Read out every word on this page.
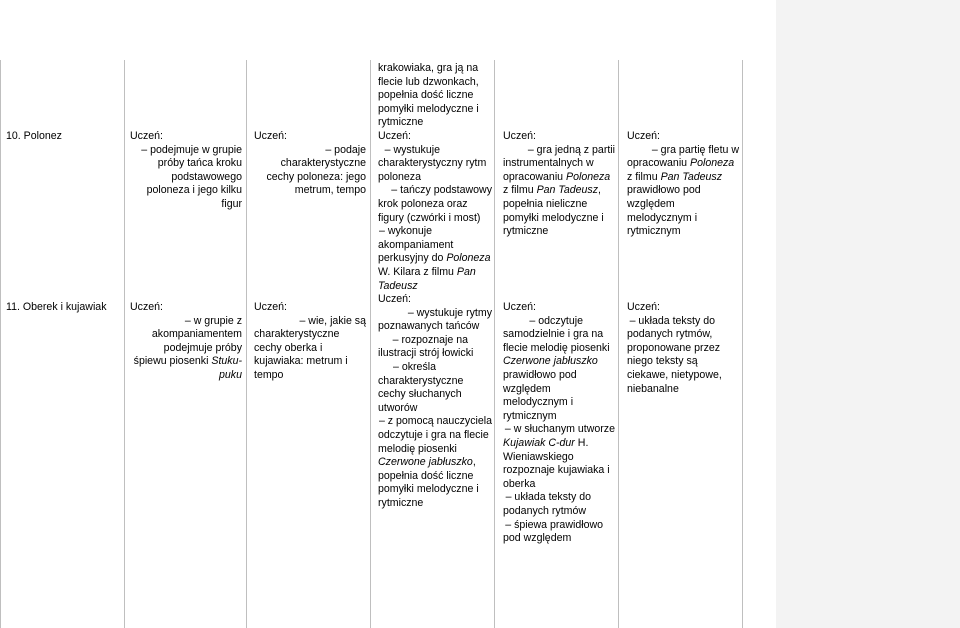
10. Polonez	Uczeń:

– podejmuje w grupie

próby tańca kroku

podstawowego

poloneza i jego kilku

figur

Uczeń:

– podaje

charakterystyczne

cechy poloneza: jego

metrum, tempo

Uczeń:

– gra jedną z partii

instrumentalnych w

opracowaniu Poloneza

z filmu Pan Tadeusz,

popełnia nieliczne

pomyłki melodyczne i

rytmiczne

Uczeń:

– gra partię fletu w

opracowaniu Poloneza

z filmu Pan Tadeusz

prawidłowo pod

względem

melodycznym i

rytmicznym

11. Oberek i kujawiak	Uczeń:

– w grupie z

akompaniamentem

podejmuje próby

śpiewu piosenki Stuku-

puku

Uczeń:

– wie, jakie są

charakterystyczne

cechy oberka i

kujawiaka: metrum i

tempo

Uczeń:

– odczytuje

samodzielnie i gra na

flecie melodię piosenki

Czerwone jabłuszko

prawidłowo pod

względem

melodycznym i

rytmicznym

– w słuchanym utworze

Kujawiak C-dur H.

Wieniawskiego

rozpoznaje kujawiaka i

oberka

– układa teksty do

podanych rytmów

– śpiewa prawidłowo

pod względem

Uczeń:

– układa teksty do

podanych rytmów,

proponowane przez

niego teksty są

ciekawe, nietypowe,

niebanalne

krakowiaka, gra ją na

flecie lub dzwonkach,

popełnia dość liczne

pomyłki melodyczne i

rytmiczne

Uczeń:

– wystukuje

charakterystyczny rytm

poloneza

– tańczy podstawowy

krok poloneza oraz

figury (czwórki i most)

– wykonuje

akompaniament

perkusyjny do Poloneza

W. Kilara z filmu Pan

Tadeusz

Uczeń:

– wystukuje rytmy

poznawanych tańców

– rozpoznaje na

ilustracji strój łowicki

– określa

charakterystyczne

cechy słuchanych

utworów

– z pomocą nauczyciela

odczytuje i gra na flecie

melodię piosenki

Czerwone jabłuszko,

popełnia dość liczne

pomyłki melodyczne i

rytmiczne
